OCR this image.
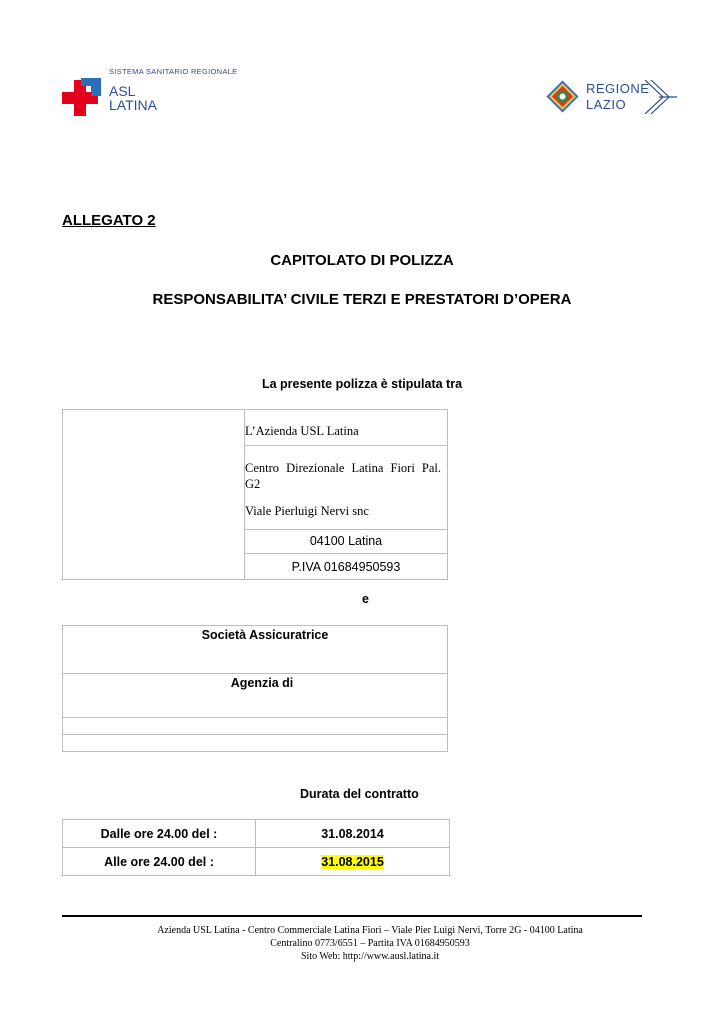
SISTEMA SANITARIO REGIONALE
ASL
LATINA
REGIONE
LAZIO
ALLEGATO 2
CAPITOLATO DI POLIZZA
RESPONSABILITA’ CIVILE TERZI E PRESTATORI D’OPERA
La presente polizza è stipulata tra

L’Azienda USL Latina

Centro Direzionale Latina Fiori Pal. G2
Viale Pierluigi Nervi snc

04100 Latina

P.IVA 01684950593
e
Società Assicuratrice

Agenzia di

Durata del contratto
Dalle ore 24.00 del :	31.08.2014
Alle ore 24.00 del :	31.08.2015
Azienda USL Latina - Centro Commerciale Latina Fiori – Viale Pier Luigi Nervi, Torre 2G - 04100 Latina
Centralino 0773/6551 – Partita IVA 01684950593
Sito Web: http://www.ausl.latina.it
